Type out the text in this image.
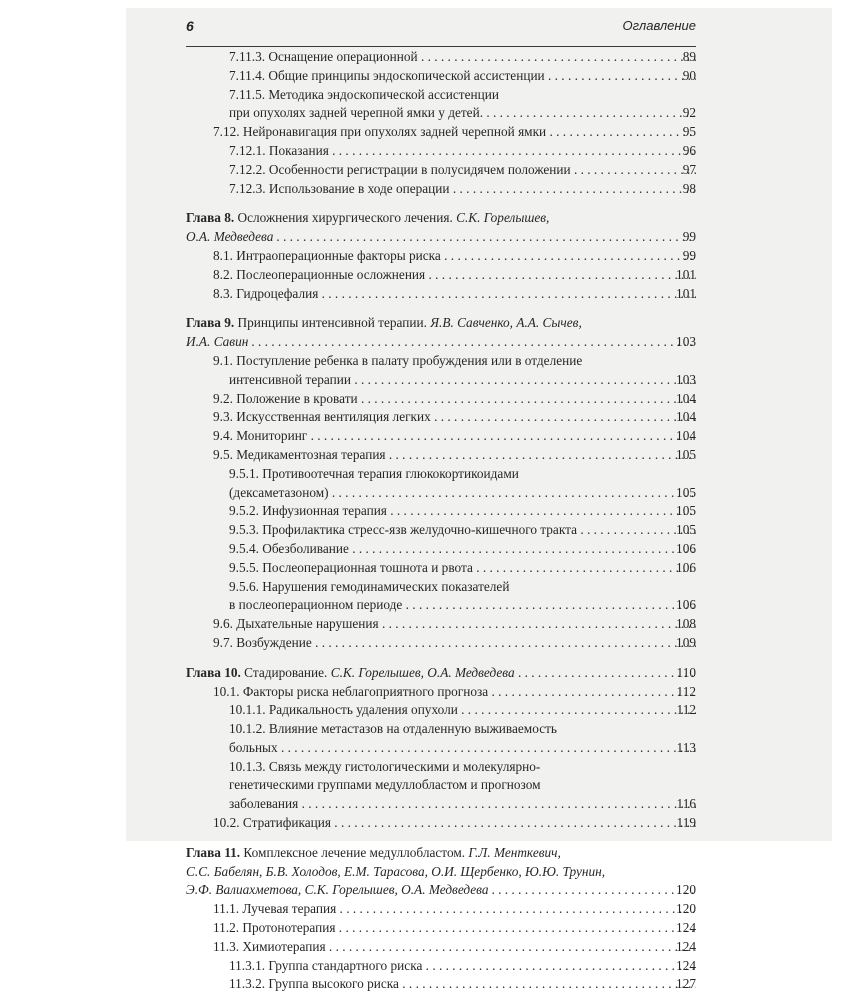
6	Оглавление
7.11.3. Оснащение операционной . . .	89
7.11.4. Общие принципы эндоскопической ассистенции . . .	90
7.11.5. Методика эндоскопической ассистенции
при опухолях задней черепной ямки у детей. . . .	92
7.12. Нейронавигация при опухолях задней черепной ямки . . .	95
7.12.1. Показания . . .	96
7.12.2. Особенности регистрации в полусидячем положении . . .	97
7.12.3. Использование в ходе операции . . .	98
Глава 8. Осложнения хирургического лечения. С.К. Горелышев,
О.А. Медведева . . .	99
8.1. Интраоперационные факторы риска . . .	99
8.2. Послеоперационные осложнения . . .	101
8.3. Гидроцефалия . . .	101
Глава 9. Принципы интенсивной терапии. Я.В. Савченко, А.А. Сычев,
И.А. Савин . . .	103
9.1. Поступление ребенка в палату пробуждения или в отделение
интенсивной терапии . . .	103
9.2. Положение в кровати . . .	104
9.3. Искусственная вентиляция легких . . .	104
9.4. Мониторинг . . .	104
9.5. Медикаментозная терапия . . .	105
9.5.1. Противоотечная терапия глюкокортикоидами
(дексаметазоном) . . .	105
9.5.2. Инфузионная терапия . . .	105
9.5.3. Профилактика стресс-язв желудочно-кишечного тракта . . .	105
9.5.4. Обезболивание . . .	106
9.5.5. Послеоперационная тошнота и рвота . . .	106
9.5.6. Нарушения гемодинамических показателей
в послеоперационном периоде . . .	106
9.6. Дыхательные нарушения . . .	108
9.7. Возбуждение . . .	109
Глава 10. Стадирование. С.К. Горелышев, О.А. Медведева . . .	110
10.1. Факторы риска неблагоприятного прогноза . . .	112
10.1.1. Радикальность удаления опухоли . . .	112
10.1.2. Влияние метастазов на отдаленную выживаемость
больных . . .	113
10.1.3. Связь между гистологическими и молекулярно-
генетическими группами медуллобластом и прогнозом
заболевания . . .	116
10.2. Стратификация . . .	119
Глава 11. Комплексное лечение медуллобластом. Г.Л. Менткевич,
С.С. Бабелян, Б.В. Холодов, Е.М. Тарасова, О.И. Щербенко, Ю.Ю. Трунин,
Э.Ф. Валиахметова, С.К. Горелышев, О.А. Медведева . . .	120
11.1. Лучевая терапия . . .	120
11.2. Протонотерапия . . .	124
11.3. Химиотерапия . . .	124
11.3.1. Группа стандартного риска . . .	124
11.3.2. Группа высокого риска . . .	127
